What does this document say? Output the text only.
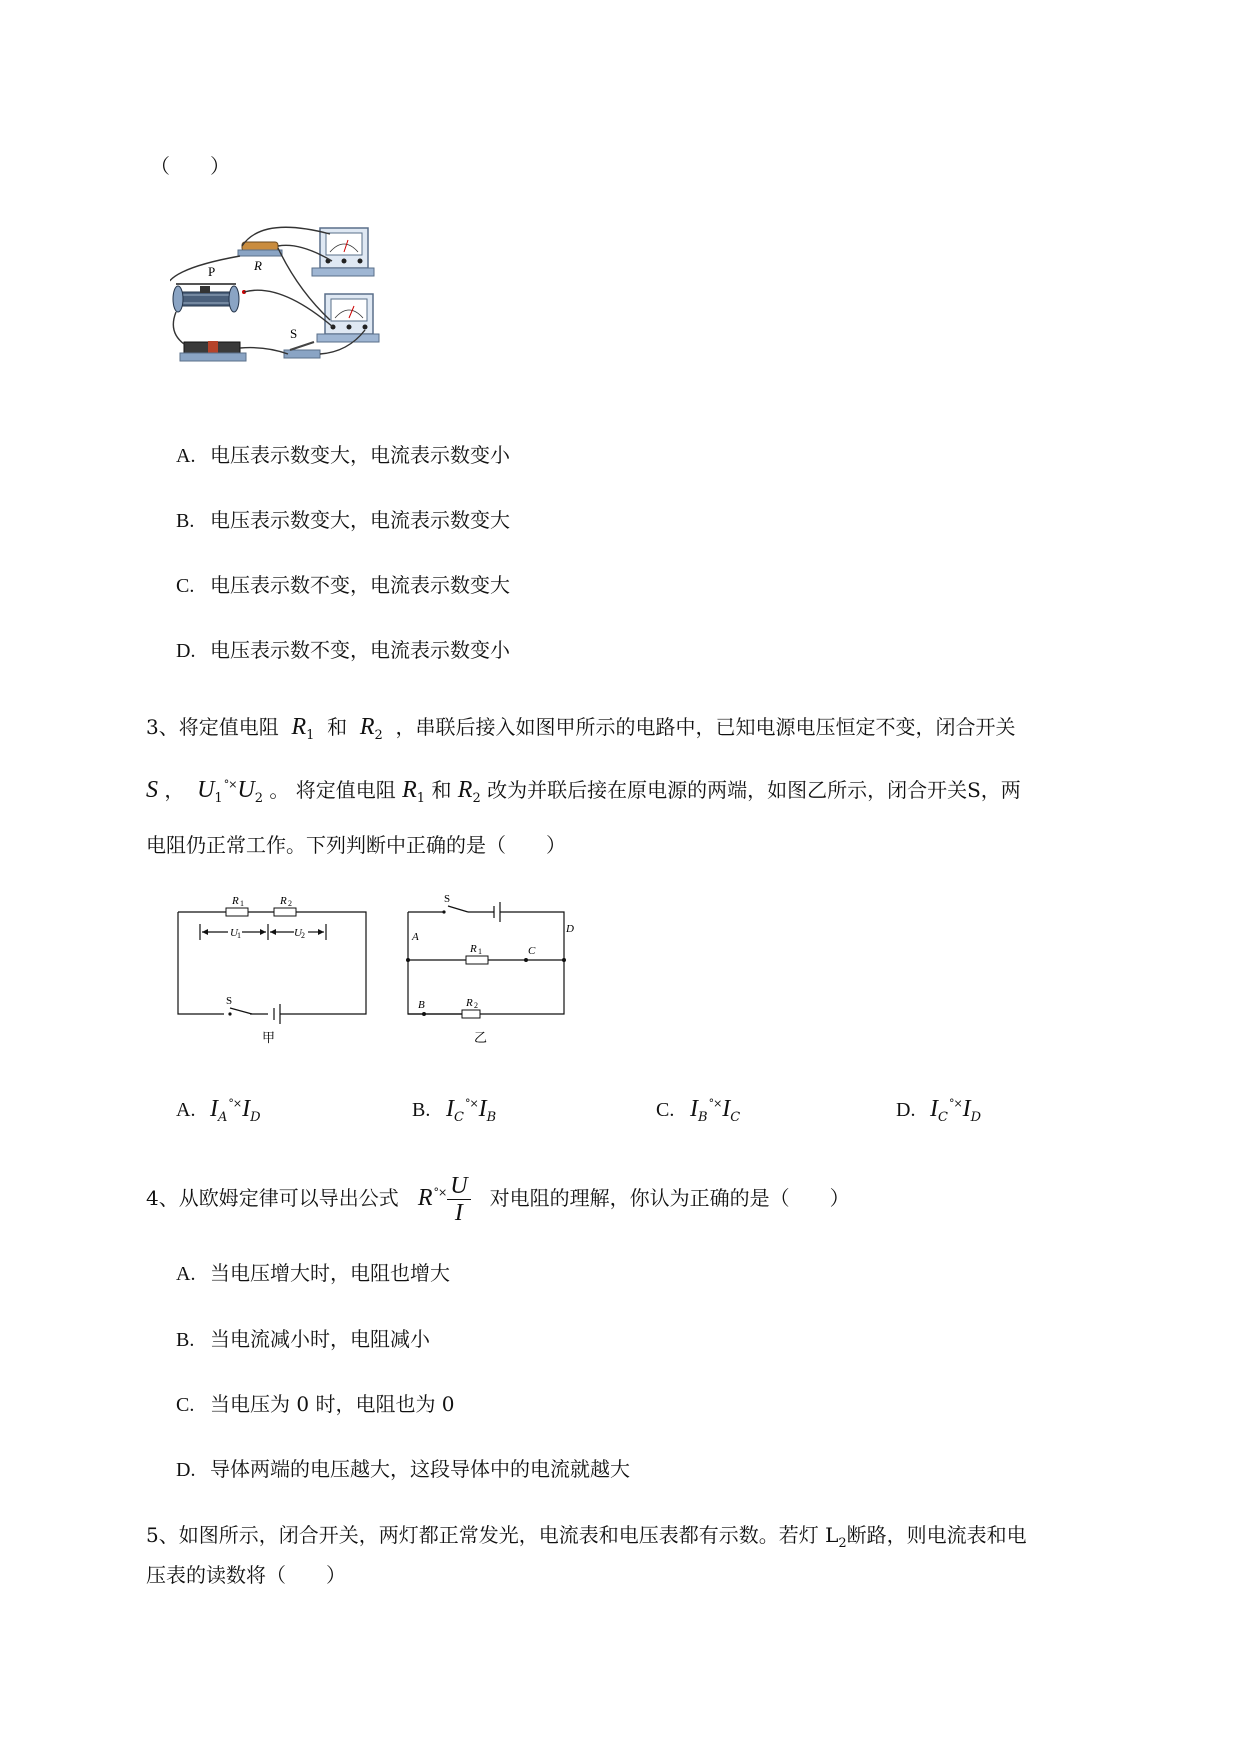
（　　）
R
P
S
A. 电压表示数变大，电流表示数变小
B. 电压表示数变大，电流表示数变大
C. 电压表示数不变，电流表示数变大
D. 电压表示数不变，电流表示数变小
3、将定值电阻 $R_1$ 和 $R_2$ ，串联后接入如图甲所示的电路中，已知电源电压恒定不变，闭合开关
S ， $U_1^{^\circ\times}U_2$ 。 将定值电阻 $R_1$ 和 $R_2$ 改为并联后接在原电源的两端，如图乙所示，闭合开关S，两
电阻仍正常工作。下列判断中正确的是（　　）
R 1	R 2
U 1	U 2
S
甲
S
A
B
C
D
R 1
R 2
乙
A. $I_A^{^\circ\times}I_D$	B. $I_C^{^\circ\times}I_B$	C. $I_B^{^\circ\times}I_C$	D. $I_C^{^\circ\times}I_D$
4、从欧姆定律可以导出公式 $R^{^\circ\times} \frac{U}{I}$ 对电阻的理解，你认为正确的是（　　）
A. 当电压增大时，电阻也增大
B. 当电流减小时，电阻减小
C. 当电压为 0 时，电阻也为 0
D. 导体两端的电压越大，这段导体中的电流就越大
5、如图所示，闭合开关，两灯都正常发光，电流表和电压表都有示数。若灯 $L_2$断路，则电流表和电
压表的读数将（　　）
